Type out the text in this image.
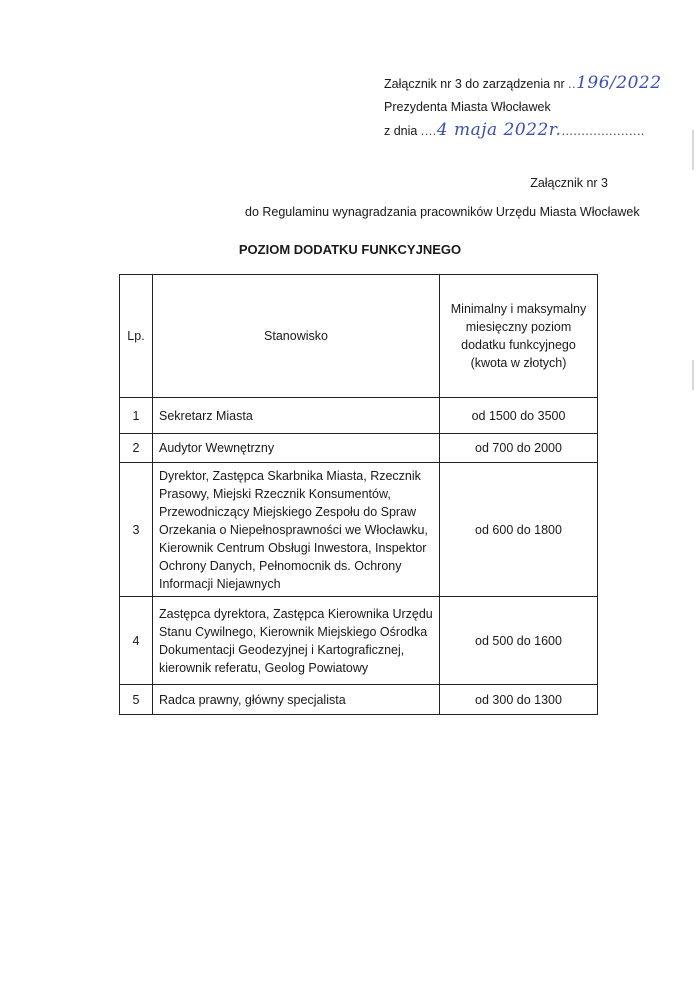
Załącznik nr 3 do zarządzenia nr ..196/2022
Prezydenta Miasta Włocławek
z dnia ....4 maja 2022r......................
Załącznik nr 3
do Regulaminu wynagradzania pracowników Urzędu Miasta Włocławek
POZIOM DODATKU FUNKCYJNEGO
Lp.	Stanowisko	Minimalny i maksymalny miesięczny poziom dodatku funkcyjnego (kwota w złotych)
1	Sekretarz Miasta	od 1500 do 3500
2	Audytor Wewnętrzny	od 700 do 2000
3	Dyrektor, Zastępca Skarbnika Miasta, Rzecznik Prasowy, Miejski Rzecznik Konsumentów, Przewodniczący Miejskiego Zespołu do Spraw Orzekania o Niepełnosprawności we Włocławku, Kierownik Centrum Obsługi Inwestora, Inspektor Ochrony Danych, Pełnomocnik ds. Ochrony Informacji Niejawnych	od 600 do 1800
4	Zastępca dyrektora, Zastępca Kierownika Urzędu Stanu Cywilnego, Kierownik Miejskiego Ośrodka Dokumentacji Geodezyjnej i Kartograficznej, kierownik referatu, Geolog Powiatowy	od 500 do 1600
5	Radca prawny, główny specjalista	od 300 do 1300
